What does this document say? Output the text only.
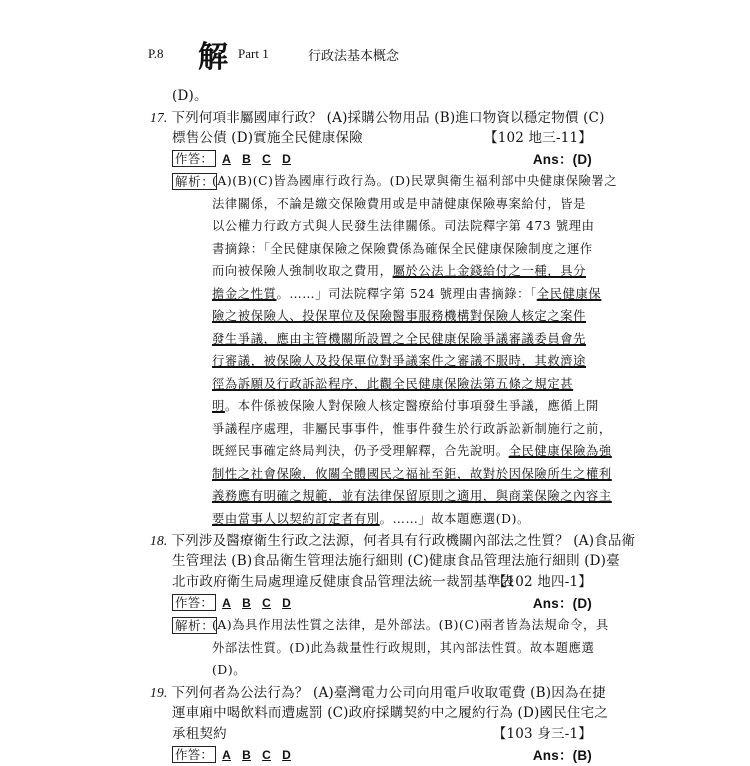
P.8 解 Part 1	行政法基本概念
(D)。
17. 下列何項非屬國庫行政？ (A)採購公物用品 (B)進口物資以穩定物價 (C)
標售公債 (D)實施全民健康保險	【102 地三-11】
作答： A B C D	Ans：(D)
解析：
(A)(B)(C)皆為國庫行政行為。(D)民眾與衛生福利部中央健康保險署之
法律關係，不論是繳交保險費用或是申請健康保險專案給付，皆是
以公權力行政方式與人民發生法律關係。司法院釋字第 473 號理由
書摘錄：「全民健康保險之保險費係為確保全民健康保險制度之運作
而向被保險人強制收取之費用，屬於公法上金錢給付之一種，具分
擔金之性質。……」司法院釋字第 524 號理由書摘錄：「全民健康保
險之被保險人、投保單位及保險醫事服務機構對保險人核定之案件
發生爭議，應由主管機關所設置之全民健康保險爭議審議委員會先
行審議，被保險人及投保單位對爭議案件之審議不服時，其救濟途
徑為訴願及行政訴訟程序，此觀全民健康保險法第五條之規定甚
明。本件係被保險人對保險人核定醫療給付事項發生爭議，應循上開
爭議程序處理，非屬民事事件，惟事件發生於行政訴訟新制施行之前，
既經民事確定終局判決，仍予受理解釋，合先說明。全民健康保險為強
制性之社會保險，攸關全體國民之福祉至鉅，故對於因保險所生之權利
義務應有明確之規範，並有法律保留原則之適用，與商業保險之內容主
要由當事人以契約訂定者有別。……」故本題應選(D)。
18. 下列涉及醫療衛生行政之法源，何者具有行政機關內部法之性質？ (A)食品衛
生管理法 (B)食品衛生管理法施行細則 (C)健康食品管理法施行細則 (D)臺
北市政府衛生局處理違反健康食品管理法統一裁罰基準表
【102 地四-1】
作答： A B C D	Ans：(D)
解析：
(A)為具作用法性質之法律，是外部法。(B)(C)兩者皆為法規命令，具
外部法性質。(D)此為裁量性行政規則，其內部法性質。故本題應選
(D)。
19. 下列何者為公法行為？ (A)臺灣電力公司向用電戶收取電費 (B)因為在捷
運車廂中喝飲料而遭處罰 (C)政府採購契約中之履約行為 (D)國民住宅之
承租契約	【103 身三-1】
作答： A B C D	Ans：(B)
